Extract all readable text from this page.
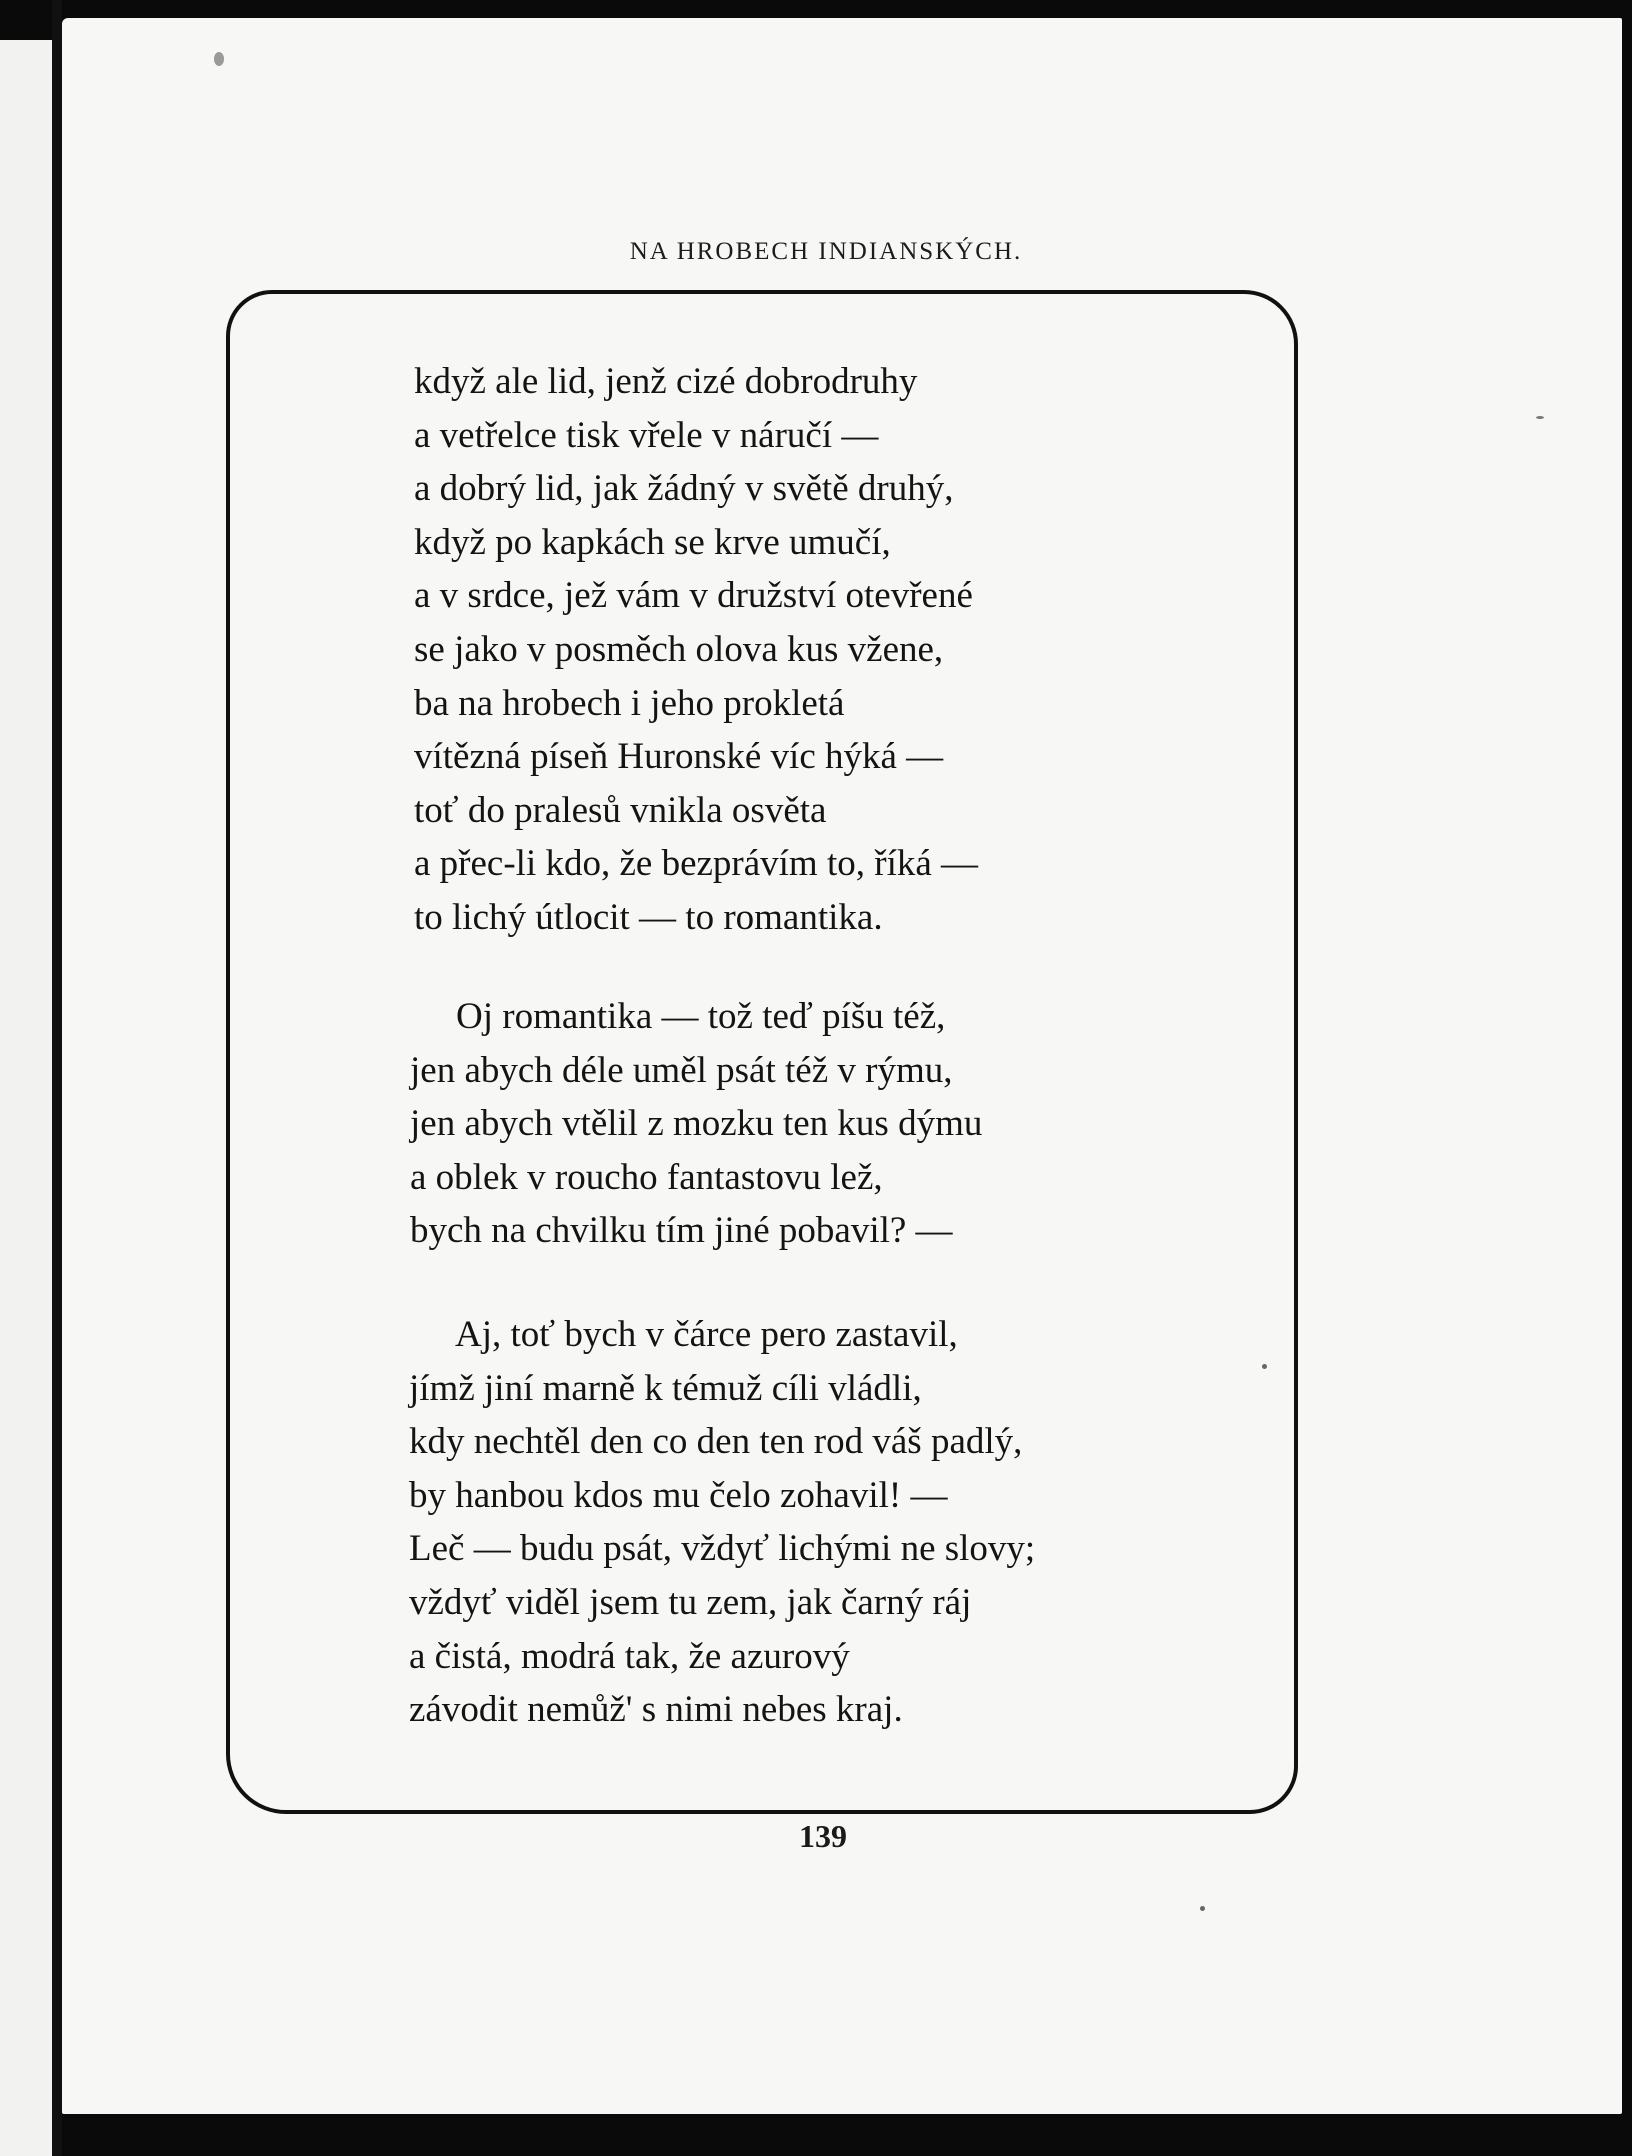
NA HROBECH INDIANSKÝCH.
když ale lid, jenž cizé dobrodruhy
a vetřelce tisk vřele v náručí —
a dobrý lid, jak žádný v světě druhý,
když po kapkách se krve umučí,
a v srdce, jež vám v družství otevřené
se jako v posměch olova kus vžene,
ba na hrobech i jeho prokletá
vítězná píseň Huronské víc hýká —
toť do pralesů vnikla osvěta
a přec-li kdo, že bezprávím to, říká —
to lichý útlocit — to romantika.
Oj romantika — tož teď píšu též,
jen abych déle uměl psát též v rýmu,
jen abych vtělil z mozku ten kus dýmu
a oblek v roucho fantastovu lež,
bych na chvilku tím jiné pobavil? —
Aj, toť bych v čárce pero zastavil,
jímž jiní marně k témuž cíli vládli,
kdy nechtěl den co den ten rod váš padlý,
by hanbou kdos mu čelo zohavil! —
Leč — budu psát, vždyť lichými ne slovy;
vždyť viděl jsem tu zem, jak čarný ráj
a čistá, modrá tak, že azurový
závodit nemůž' s nimi nebes kraj.
139
